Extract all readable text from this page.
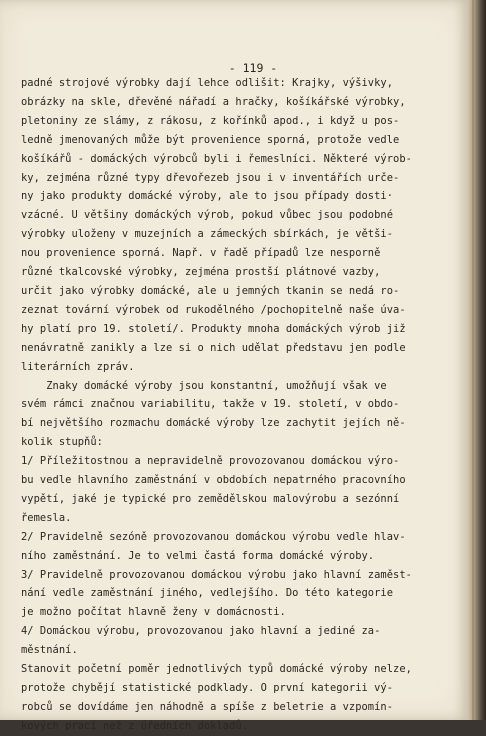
- 119 -
padné strojové výrobky dají lehce odlišit: Krajky, výšivky,
obrázky na skle, dřevěné nářadí a hračky, košíkářské výrobky,
pletoniny ze slámy, z rákosu, z kořínků apod., i když u pos-
ledně jmenovaných může být provenience sporná, protože vedle
košíkářů - domáckých výrobců byli i řemeslníci. Některé výrob-
ky, zejména různé typy dřevořezeb jsou i v inventářích urče-
ny jako produkty domácké výroby, ale to jsou případy dosti·
vzácné. U většiny domáckých výrob, pokud vůbec jsou podobné
výrobky uloženy v muzejních a zámeckých sbírkách, je větši-
nou provenience sporná. Např. v řadě případů lze nesporně
různé tkalcovské výrobky, zejména prostší plátnové vazby,
určit jako výrobky domácké, ale u jemných tkanin se nedá ro-
zeznat tovární výrobek od rukodělného /pochopitelně naše úva-
hy platí pro 19. století/. Produkty mnoha domáckých výrob již
nenávratně zanikly a lze si o nich udělat představu jen podle
literárních zpráv.
Znaky domácké výroby jsou konstantní, umožňují však ve
svém rámci značnou variabilitu, takže v 19. století, v obdo-
bí největšího rozmachu domácké výroby lze zachytit jejích ně-
kolik stupňů:
1/ Příležitostnou a nepravidelně provozovanou domáckou výro-
bu vedle hlavního zaměstnání v obdobích nepatrného pracovního
vypětí, jaké je typické pro zemědělskou malovýrobu a sezónní
řemesla.
2/ Pravidelně sezóně provozovanou domáckou výrobu vedle hlav-
ního zaměstnání. Je to velmi častá forma domácké výroby.
3/ Pravidelně provozovanou domáckou výrobu jako hlavní zaměst-
nání vedle zaměstnání jiného, vedlejšího. Do této kategorie
je možno počítat hlavně ženy v domácnosti.
4/ Domáckou výrobu, provozovanou jako hlavní a jediné za-
městnání.
Stanovit početní poměr jednotlivých typů domácké výroby nelze,
protože chybějí statistické podklady. O první kategorii vý-
robců se dovídáme jen náhodně a spíše z beletrie a vzpomín-
kových prací než z úředních dokladů.
